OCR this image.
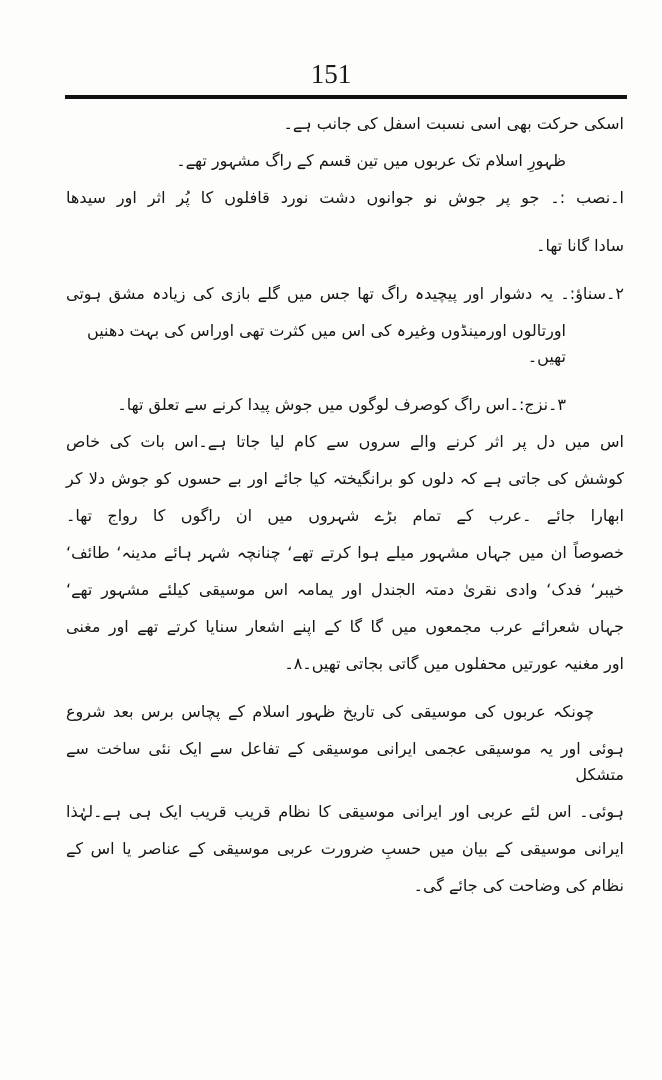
151
اسکی حرکت بھی اسی نسبت اسفل کی جانب ہے۔
ظہورِ اسلام تک عربوں میں تین قسم کے راگ مشہور تھے۔
ا۔نصب :۔ جو پر جوش نو جوانوں دشت نورد قافلوں کا پُر اثر اور سیدھا
سادا گانا تھا۔
۲۔سناؤ:۔ یہ دشوار اور پیچیدہ راگ تھا جس میں گلے بازی کی زیادہ مشق ہوتی
اورتالوں اورمینڈوں وغیرہ کی اس میں کثرت تھی اوراس کی بہت دھنیں تھیں۔
۳۔نزج:۔اس راگ کوصرف لوگوں میں جوش پیدا کرنے سے تعلق تھا۔
اس میں دل پر اثر کرنے والے سروں سے کام لیا جاتا ہے۔اس بات کی خاص
کوشش کی جاتی ہے کہ دلوں کو برانگیختہ کیا جائے اور بے حسوں کو جوش دلا کر
ابھارا جائے ۔عرب کے تمام بڑے شہروں میں ان راگوں کا رواج تھا۔
خصوصاً ان میں جہاں مشہور میلے ہوا کرتے تھے‘ چنانچہ شہر ہائے مدینہ‘ طائف‘
خیبر‘ فدک‘ وادی نقریٰ دمتہ الجندل اور یمامہ اس موسیقی کیلئے مشہور تھے‘
جہاں شعرائے عرب مجمعوں میں گا گا کے اپنے اشعار سنایا کرتے تھے اور مغنی
اور مغنیہ عورتیں محفلوں میں گاتی بجاتی تھیں۔۸۔
چونکہ عربوں کی موسیقی کی تاریخ ظہور اسلام کے پچاس برس بعد شروع
ہوئی اور یہ موسیقی عجمی ایرانی موسیقی کے تفاعل سے ایک نئی ساخت سے متشکل
ہوئی۔ اس لئے عربی اور ایرانی موسیقی کا نظام قریب قریب ایک ہی ہے۔لہٰذا
ایرانی موسیقی کے بیان میں حسبِ ضرورت عربی موسیقی کے عناصر یا اس کے
نظام کی وضاحت کی جائے گی۔
